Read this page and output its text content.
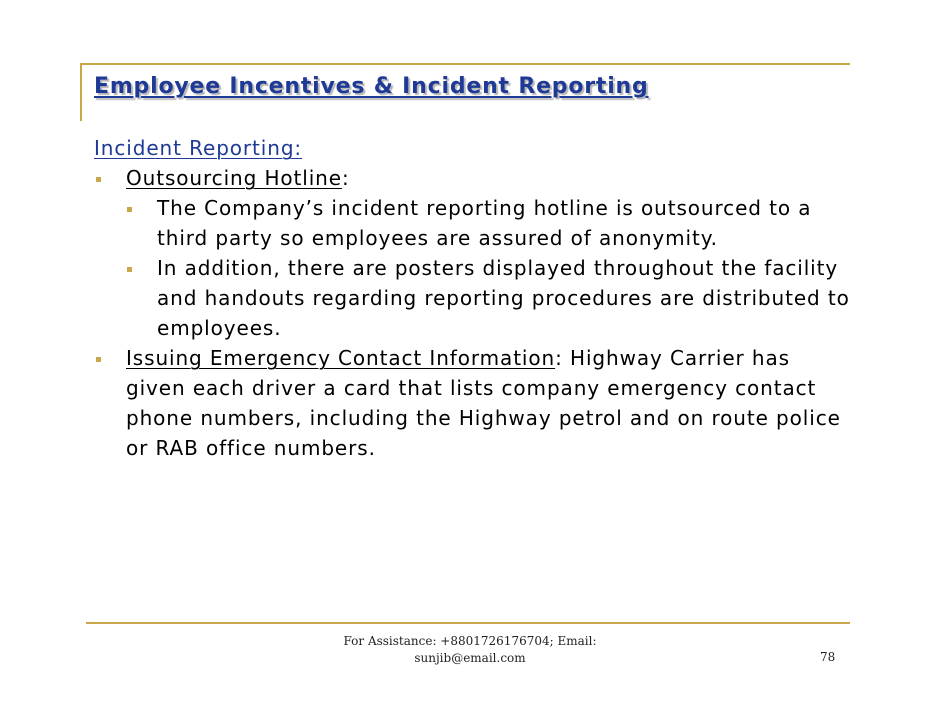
Employee Incentives & Incident Reporting
Incident Reporting:
Outsourcing Hotline:
The Company’s incident reporting hotline is outsourced to a third party so employees are assured of anonymity.
In addition, there are posters displayed throughout the facility and handouts regarding reporting procedures are distributed to employees.
Issuing Emergency Contact Information: Highway Carrier has given each driver a card that lists company emergency contact phone numbers, including the Highway petrol and on route police or RAB office numbers.
For Assistance: +8801726176704; Email:
sunjib@email.com	78
